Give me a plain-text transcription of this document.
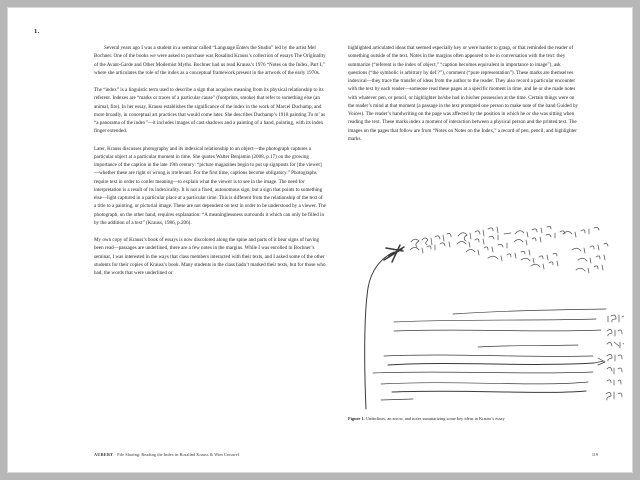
1.

Several years ago I was a student in a seminar called “Language Enters the Studio” led by the artist Mel Bochner. One of the books we were asked to purchase was Rosalind Krauss’s collection of essays The Originality of the Avant-Garde and Other Modernist Myths. Bochner had us read Krauss’s 1976 “Notes on the Index, Part I,” where she articulates the role of the index as a conceptual framework present in the artwork of the early 1970s.

The “index” is a linguistic term used to describe a sign that acquires meaning from its physical relationship to its referent. Indexes are “marks or traces of a particular cause” (footprints, smoke) that refer to something else (an animal, fire). In her essay, Krauss establishes the significance of the index in the work of Marcel Duchamp, and more broadly, in conceptual art practices that would come later. She describes Duchamp’s 1918 painting Tu m’ as “a panorama of the index”—it includes images of cast shadows and a painting of a hand, pointing, with its index finger extended.

Later, Krauss discusses photography and its indexical relationship to an object—the photograph captures a particular object at a particular moment in time. She quotes Walter Benjamin (2008, p.17) on the growing importance of the caption in the late 19th century: “picture magazines begin to put up signposts for [the viewer]—whether these are right or wrong is irrelevant. For the first time, captions become obligatory.” Photographs require text in order to confer meaning—to explain what the viewer is to see in the image. The need for interpretation is a result of its indexicality. It is not a fixed, autonomous sign, but a sign that points to something else—light captured in a particular place at a particular time. This is different from the relationship of the text of a title to a painting, or pictorial image. These are not dependent on text in order to be understood by a viewer. The photograph, on the other hand, requires explanation: “A meaninglessness surrounds it which can only be filled in by the addition of a text” (Krauss, 1986, p.206).

My own copy of Krauss’s book of essays is now discolored along the spine and parts of it bear signs of having been read—passages are underlined, there are a few notes in the margins. While I was enrolled in Bochner’s seminar, I was interested in the ways that class members interacted with their texts, and I asked some of the other students for their copies of Krauss’s book. Many students in the class hadn’t marked their texts, but for those who had, the words that were underlined or

highlighted articulated ideas that seemed especially key or were harder to grasp, or that reminded the reader of something outside of the text. Notes in the margins often appeared to be in conversation with the text: they summarize (“referent is the index of object,” “caption becomes equivalent in importance to image”), ask questions (“the symbolic is arbitrary by def.?”), comment (“pure representation”). These marks are themselves indexical—they trace the transfer of ideas from the author to the reader. They also record a particular encounter with the text by each reader—someone read these pages at a specific moment in time, and he or she made notes with whatever pen, or pencil, or highlighter he/she had in his/her possession at the time. Certain things were on the reader’s mind at that moment (a passage in the text prompted one person to make note of the band Guided by Voices). The reader’s handwriting on the page was affected by the position in which he or she was sitting when reading the text. These marks index a moment of interaction between a physical person and the printed text. The images on the pages that follow are from “Notes on Notes on the Index,” a record of pen, pencil, and highlighter marks.

Figure 1. Underlines, an arrow, and notes summarizing some key ideas in Krauss’s essay
AUBERT · File Sharing: Reading the Index in Rosalind Krauss & Wim Crouwel	119
